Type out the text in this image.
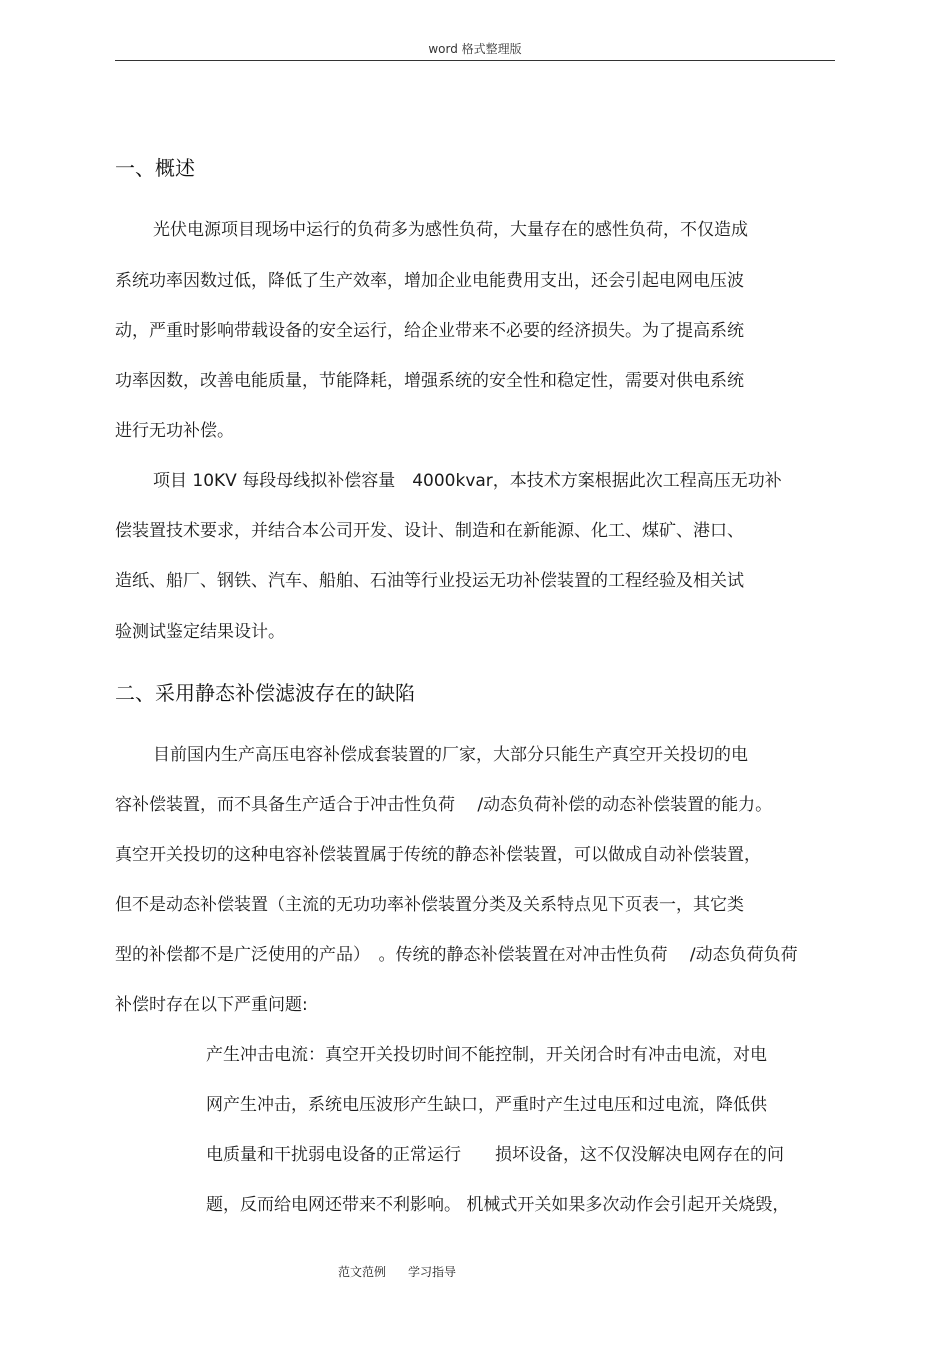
word 格式整理版
一、概述
光伏电源项目现场中运行的负荷多为感性负荷，大量存在的感性负荷，不仅造成
系统功率因数过低，降低了生产效率，增加企业电能费用支出，还会引起电网电压波
动，严重时影响带载设备的安全运行，给企业带来不必要的经济损失。为了提高系统
功率因数，改善电能质量，节能降耗，增强系统的安全性和稳定性，需要对供电系统
进行无功补偿。
项目 10KV 每段母线拟补偿容量　4000kvar，本技术方案根据此次工程高压无功补
偿装置技术要求，并结合本公司开发、设计、制造和在新能源、化工、煤矿、港口、
造纸、船厂、钢铁、汽车、船舶、石油等行业投运无功补偿装置的工程经验及相关试
验测试鉴定结果设计。
二、采用静态补偿滤波存在的缺陷
目前国内生产高压电容补偿成套装置的厂家，大部分只能生产真空开关投切的电
容补偿装置，而不具备生产适合于冲击性负荷　 /动态负荷补偿的动态补偿装置的能力。
真空开关投切的这种电容补偿装置属于传统的静态补偿装置，可以做成自动补偿装置，
但不是动态补偿装置（主流的无功功率补偿装置分类及关系特点见下页表一，其它类
型的补偿都不是广泛使用的产品）　。传统的静态补偿装置在对冲击性负荷　 /动态负荷负荷
补偿时存在以下严重问题:
产生冲击电流：真空开关投切时间不能控制，开关闭合时有冲击电流，对电
网产生冲击，系统电压波形产生缺口，严重时产生过电压和过电流，降低供
电质量和干扰弱电设备的正常运行　　损坏设备，这不仅没解决电网存在的问
题，反而给电网还带来不利影响。 机械式开关如果多次动作会引起开关烧毁，
范文范例 学习指导
